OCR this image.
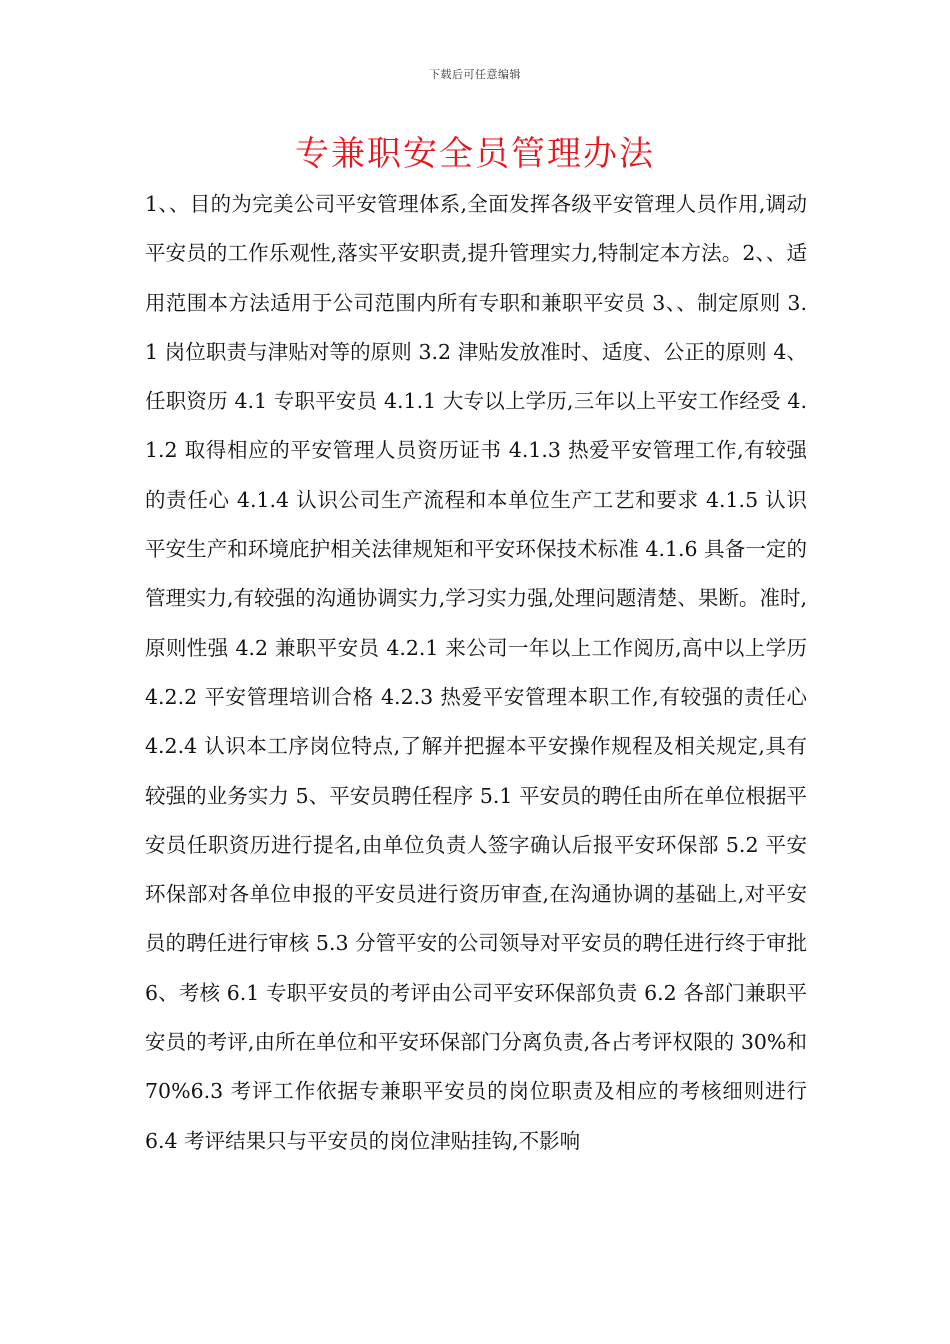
下载后可任意编辑
专兼职安全员管理办法

1、、目的为完美公司平安管理体系,全面发挥各级平安管理人员作用,调动平安员的工作乐观性,落实平安职责,提升管理实力,特制定本方法。2、、适用范围本方法适用于公司范围内所有专职和兼职平安员 3、、制定原则 3.1 岗位职责与津贴对等的原则 3.2 津贴发放准时、适度、公正的原则 4、任职资历 4.1 专职平安员 4.1.1 大专以上学历,三年以上平安工作经受 4.1.2 取得相应的平安管理人员资历证书 4.1.3 热爱平安管理工作,有较强的责任心 4.1.4 认识公司生产流程和本单位生产工艺和要求 4.1.5 认识平安生产和环境庇护相关法律规矩和平安环保技术标准 4.1.6 具备一定的管理实力,有较强的沟通协调实力,学习实力强,处理问题清楚、果断。准时,原则性强 4.2 兼职平安员 4.2.1 来公司一年以上工作阅历,高中以上学历 4.2.2 平安管理培训合格 4.2.3 热爱平安管理本职工作,有较强的责任心 4.2.4 认识本工序岗位特点,了解并把握本平安操作规程及相关规定,具有较强的业务实力 5、平安员聘任程序 5.1 平安员的聘任由所在单位根据平安员任职资历进行提名,由单位负责人签字确认后报平安环保部 5.2 平安环保部对各单位申报的平安员进行资历审查,在沟通协调的基础上,对平安员的聘任进行审核 5.3 分管平安的公司领导对平安员的聘任进行终于审批 6、考核 6.1 专职平安员的考评由公司平安环保部负责 6.2 各部门兼职平安员的考评,由所在单位和平安环保部门分离负责,各占考评权限的 30%和 70%6.3 考评工作依据专兼职平安员的岗位职责及相应的考核细则进行 6.4 考评结果只与平安员的岗位津贴挂钩,不影响
